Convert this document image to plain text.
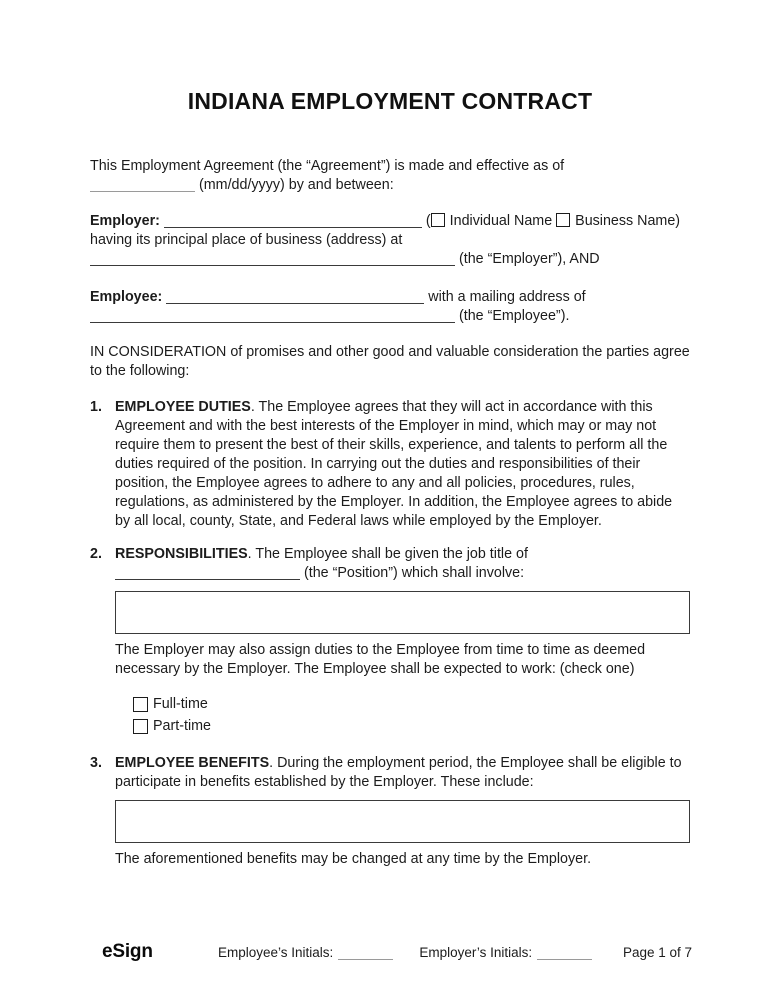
INDIANA EMPLOYMENT CONTRACT

This Employment Agreement (the “Agreement”) is made and effective as of
(mm/dd/yyyy) by and between:

Employer:	( Individual Name Business Name)
having its principal place of business (address) at
(the “Employer”), AND

Employee:	with a mailing address of
(the “Employee”).

IN CONSIDERATION of promises and other good and valuable consideration the parties agree to the following:

1. EMPLOYEE DUTIES. The Employee agrees that they will act in accordance with this Agreement and with the best interests of the Employer in mind, which may or may not require them to present the best of their skills, experience, and talents to perform all the duties required of the position. In carrying out the duties and responsibilities of their position, the Employee agrees to adhere to any and all policies, procedures, rules, regulations, as administered by the Employer. In addition, the Employee agrees to abide by all local, county, State, and Federal laws while employed by the Employer.

2. RESPONSIBILITIES. The Employee shall be given the job title of
(the “Position”) which shall involve:

The Employer may also assign duties to the Employee from time to time as deemed necessary by the Employer. The Employee shall be expected to work: (check one)

Full-time
Part-time
3. EMPLOYEE BENEFITS. During the employment period, the Employee shall be eligible to participate in benefits established by the Employer. These include:

The aforementioned benefits may be changed at any time by the Employer.

eSign	Employee’s Initials:	Employer’s Initials:	Page 1 of 7
